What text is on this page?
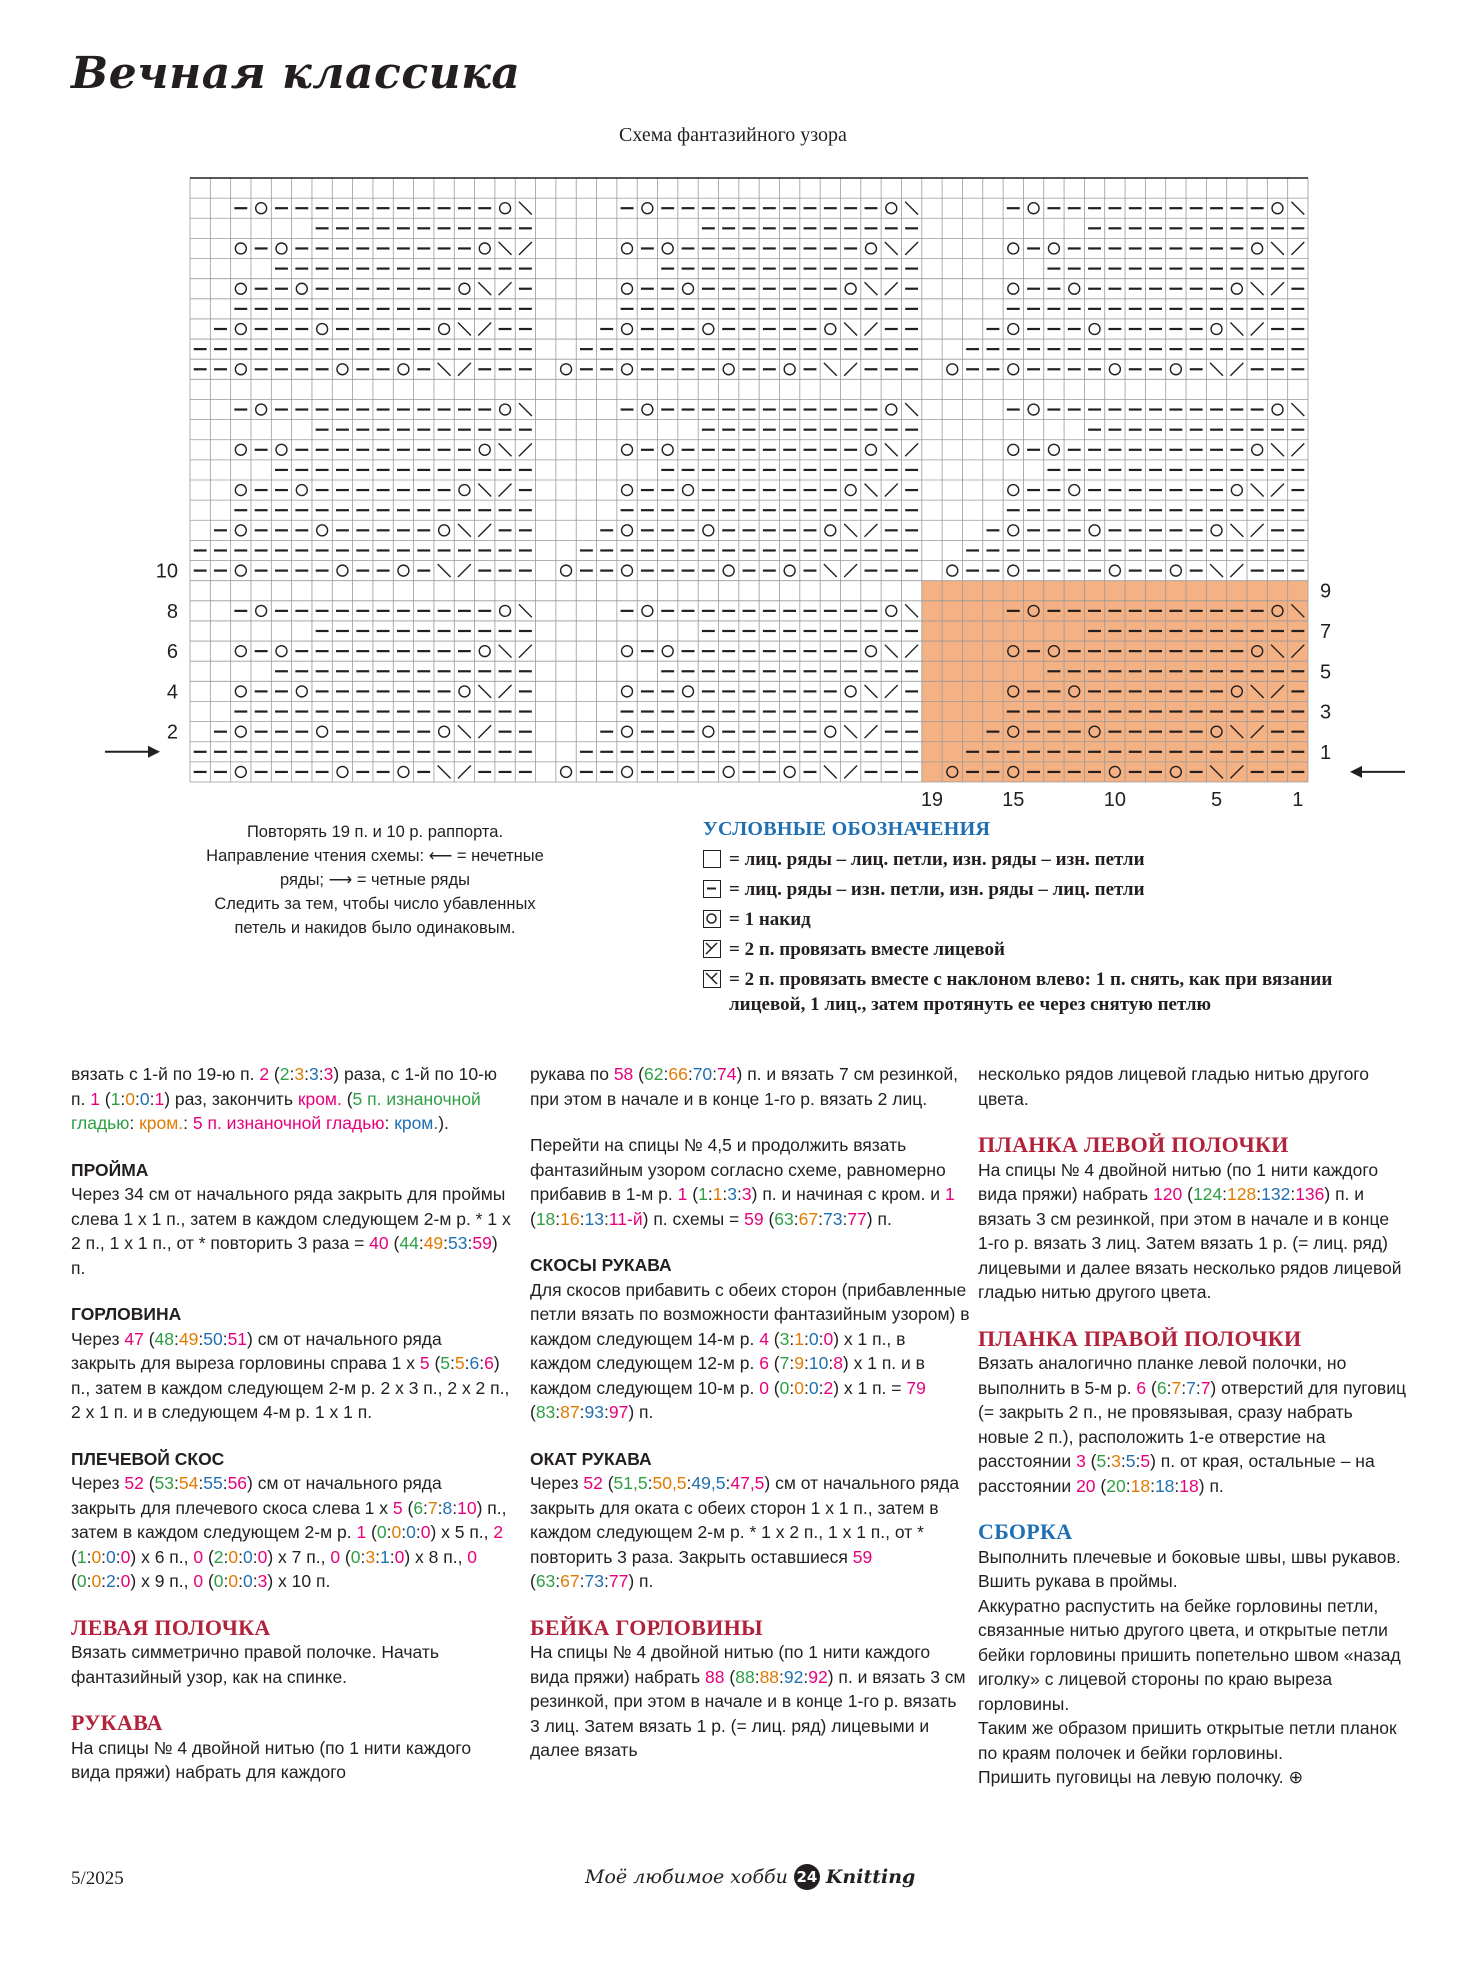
Вечная классика
Схема фантазийного узора
10
8
6
4
2
9
7
5
3
1
19	15	10	5	1
Повторять 19 п. и 10 р. раппорта.
Направление чтения схемы: ⟵ = нечетные
ряды; ⟶ = четные ряды
Следить за тем, чтобы число убавленных
петель и накидов было одинаковым.
УСЛОВНЫЕ ОБОЗНАЧЕНИЯ
= лиц. ряды – лиц. петли, изн. ряды – изн. петли
= лиц. ряды – изн. петли, изн. ряды – лиц. петли
= 1 накид
= 2 п. провязать вместе лицевой
= 2 п. провязать вместе с наклоном влево: 1 п. снять, как при вязании лицевой, 1 лиц., затем протянуть ее через снятую петлю

вязать с 1-й по 19-ю п. 2 (2:3:3:3) раза, с 1-й по 10-ю п. 1 (1:0:0:1) раз, закончить кром. (5 п. изнаночной гладью: кром.: 5 п. изнаночной гладью: кром.).

ПРОЙМА

Через 34 см от начального ряда закрыть для проймы слева 1 х 1 п., затем в каждом следующем 2-м р. * 1 х 2 п., 1 х 1 п., от * повторить 3 раза = 40 (44:49:53:59) п.

ГОРЛОВИНА

Через 47 (48:49:50:51) см от начального ряда закрыть для выреза горловины справа 1 х 5 (5:5:6:6) п., затем в каждом следующем 2-м р. 2 х 3 п., 2 х 2 п., 2 х 1 п. и в следующем 4-м р. 1 х 1 п.

ПЛЕЧЕВОЙ СКОС

Через 52 (53:54:55:56) см от начального ряда закрыть для плечевого скоса слева 1 х 5 (6:7:8:10) п., затем в каждом следующем 2-м р. 1 (0:0:0:0) х 5 п., 2 (1:0:0:0) х 6 п., 0 (2:0:0:0) х 7 п., 0 (0:3:1:0) х 8 п., 0 (0:0:2:0) х 9 п., 0 (0:0:0:3) х 10 п.

ЛЕВАЯ ПОЛОЧКА

Вязать симметрично правой полочке. Начать фантазийный узор, как на спинке.

РУКАВА

На спицы № 4 двойной нитью (по 1 нити каждого вида пряжи) набрать для каждого

рукава по 58 (62:66:70:74) п. и вязать 7 см резинкой, при этом в начале и в конце 1-го р. вязать 2 лиц.

Перейти на спицы № 4,5 и продолжить вязать фантазийным узором согласно схеме, равномерно прибавив в 1-м р. 1 (1:1:3:3) п. и начиная с кром. и 1 (18:16:13:11-й) п. схемы = 59 (63:67:73:77) п.

СКОСЫ РУКАВА

Для скосов прибавить с обеих сторон (прибавленные петли вязать по возможности фантазийным узором) в каждом следующем 14-м р. 4 (3:1:0:0) х 1 п., в каждом следующем 12-м р. 6 (7:9:10:8) х 1 п. и в каждом следующем 10-м р. 0 (0:0:0:2) х 1 п. = 79 (83:87:93:97) п.

ОКАТ РУКАВА

Через 52 (51,5:50,5:49,5:47,5) см от начального ряда закрыть для оката с обеих сторон 1 х 1 п., затем в каждом следующем 2-м р. * 1 х 2 п., 1 х 1 п., от * повторить 3 раза. Закрыть оставшиеся 59 (63:67:73:77) п.

БЕЙКА ГОРЛОВИНЫ

На спицы № 4 двойной нитью (по 1 нити каждого вида пряжи) набрать 88 (88:88:92:92) п. и вязать 3 см резинкой, при этом в начале и в конце 1-го р. вязать 3 лиц. Затем вязать 1 р. (= лиц. ряд) лицевыми и далее вязать

несколько рядов лицевой гладью нитью другого цвета.

ПЛАНКА ЛЕВОЙ ПОЛОЧКИ

На спицы № 4 двойной нитью (по 1 нити каждого вида пряжи) набрать 120 (124:128:132:136) п. и вязать 3 см резинкой, при этом в начале и в конце 1-го р. вязать 3 лиц. Затем вязать 1 р. (= лиц. ряд) лицевыми и далее вязать несколько рядов лицевой гладью нитью другого цвета.

ПЛАНКА ПРАВОЙ ПОЛОЧКИ

Вязать аналогично планке левой полочки, но выполнить в 5-м р. 6 (6:7:7:7) отверстий для пуговиц (= закрыть 2 п., не провязывая, сразу набрать новые 2 п.), расположить 1-е отверстие на расстоянии 3 (5:3:5:5) п. от края, остальные – на расстоянии 20 (20:18:18:18) п.

СБОРКА

Выполнить плечевые и боковые швы, швы рукавов.
Вшить рукава в проймы.
Аккуратно распустить на бейке горловины петли, связанные нитью другого цвета, и открытые петли бейки горловины пришить попетельно швом «назад иголку» с лицевой стороны по краю выреза горловины.
Таким же образом пришить открытые петли планок по краям полочек и бейки горловины.
Пришить пуговицы на левую полочку. ⊕

5/2025	Моё любимое хобби 24 Knitting
